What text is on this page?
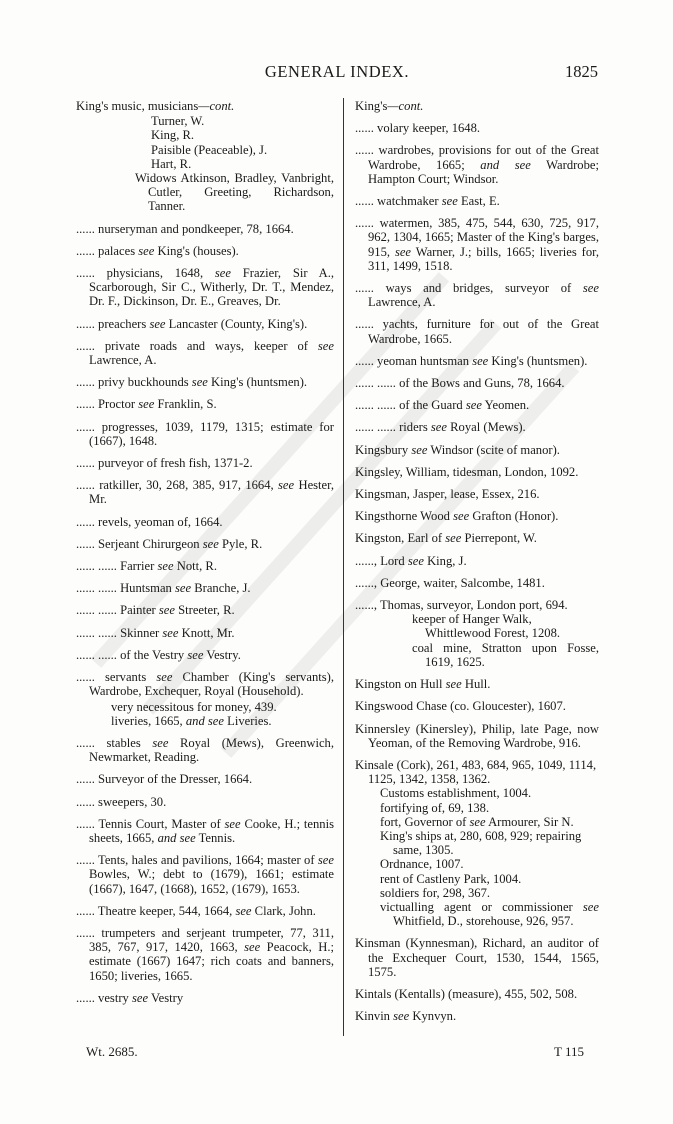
GENERAL INDEX.	1825
King's music, musicians—cont.
Turner, W.
King, R.
Paisible (Peaceable), J.
Hart, R.
Widows Atkinson, Bradley, Vanbright, Cutler, Greeting, Richardson, Tanner.
...... nurseryman and pondkeeper, 78, 1664.
...... palaces see King's (houses).
...... physicians, 1648, see Frazier, Sir A., Scarborough, Sir C., Witherly, Dr. T., Mendez, Dr. F., Dickinson, Dr. E., Greaves, Dr.
...... preachers see Lancaster (County, King's).
...... private roads and ways, keeper of see Lawrence, A.
...... privy buckhounds see King's (huntsmen).
...... Proctor see Franklin, S.
...... progresses, 1039, 1179, 1315; estimate for (1667), 1648.
...... purveyor of fresh fish, 1371-2.
...... ratkiller, 30, 268, 385, 917, 1664, see Hester, Mr.
...... revels, yeoman of, 1664.
...... Serjeant Chirurgeon see Pyle, R.
...... ...... Farrier see Nott, R.
...... ...... Huntsman see Branche, J.
...... ...... Painter see Streeter, R.
...... ...... Skinner see Knott, Mr.
...... ...... of the Vestry see Vestry.
...... servants see Chamber (King's servants), Wardrobe, Exchequer, Royal (Household).
very necessitous for money, 439.
liveries, 1665, and see Liveries.
...... stables see Royal (Mews), Greenwich, Newmarket, Reading.
...... Surveyor of the Dresser, 1664.
...... sweepers, 30.
...... Tennis Court, Master of see Cooke, H.; tennis sheets, 1665, and see Tennis.
...... Tents, hales and pavilions, 1664; master of see Bowles, W.; debt to (1679), 1661; estimate (1667), 1647, (1668), 1652, (1679), 1653.
...... Theatre keeper, 544, 1664, see Clark, John.
...... trumpeters and serjeant trumpeter, 77, 311, 385, 767, 917, 1420, 1663, see Peacock, H.; estimate (1667) 1647; rich coats and banners, 1650; liveries, 1665.
...... vestry see Vestry
King's—cont.
...... volary keeper, 1648.
...... wardrobes, provisions for out of the Great Wardrobe, 1665; and see Wardrobe; Hampton Court; Windsor.
...... watchmaker see East, E.
...... watermen, 385, 475, 544, 630, 725, 917, 962, 1304, 1665; Master of the King's barges, 915, see Warner, J.; bills, 1665; liveries for, 311, 1499, 1518.
...... ways and bridges, surveyor of see Lawrence, A.
...... yachts, furniture for out of the Great Wardrobe, 1665.
...... yeoman huntsman see King's (huntsmen).
...... ...... of the Bows and Guns, 78, 1664.
...... ...... of the Guard see Yeomen.
...... ...... riders see Royal (Mews).
Kingsbury see Windsor (scite of manor).
Kingsley, William, tidesman, London, 1092.
Kingsman, Jasper, lease, Essex, 216.
Kingsthorne Wood see Grafton (Honor).
Kingston, Earl of see Pierrepont, W.
......, Lord see King, J.
......, George, waiter, Salcombe, 1481.
......, Thomas, surveyor, London port, 694.
keeper of Hanger Walk, Whittlewood Forest, 1208.
coal mine, Stratton upon Fosse, 1619, 1625.
Kingston on Hull see Hull.
Kingswood Chase (co. Gloucester), 1607.
Kinnersley (Kinersley), Philip, late Page, now Yeoman, of the Removing Wardrobe, 916.
Kinsale (Cork), 261, 483, 684, 965, 1049, 1114, 1125, 1342, 1358, 1362.
Customs establishment, 1004.
fortifying of, 69, 138.
fort, Governor of see Armourer, Sir N.
King's ships at, 280, 608, 929; repairing same, 1305.
Ordnance, 1007.
rent of Castleny Park, 1004.
soldiers for, 298, 367.
victualling agent or commissioner see Whitfield, D., storehouse, 926, 957.
Kinsman (Kynnesman), Richard, an auditor of the Exchequer Court, 1530, 1544, 1565, 1575.
Kintals (Kentalls) (measure), 455, 502, 508.
Kinvin see Kynvyn.
Wt. 2685.	T 115
